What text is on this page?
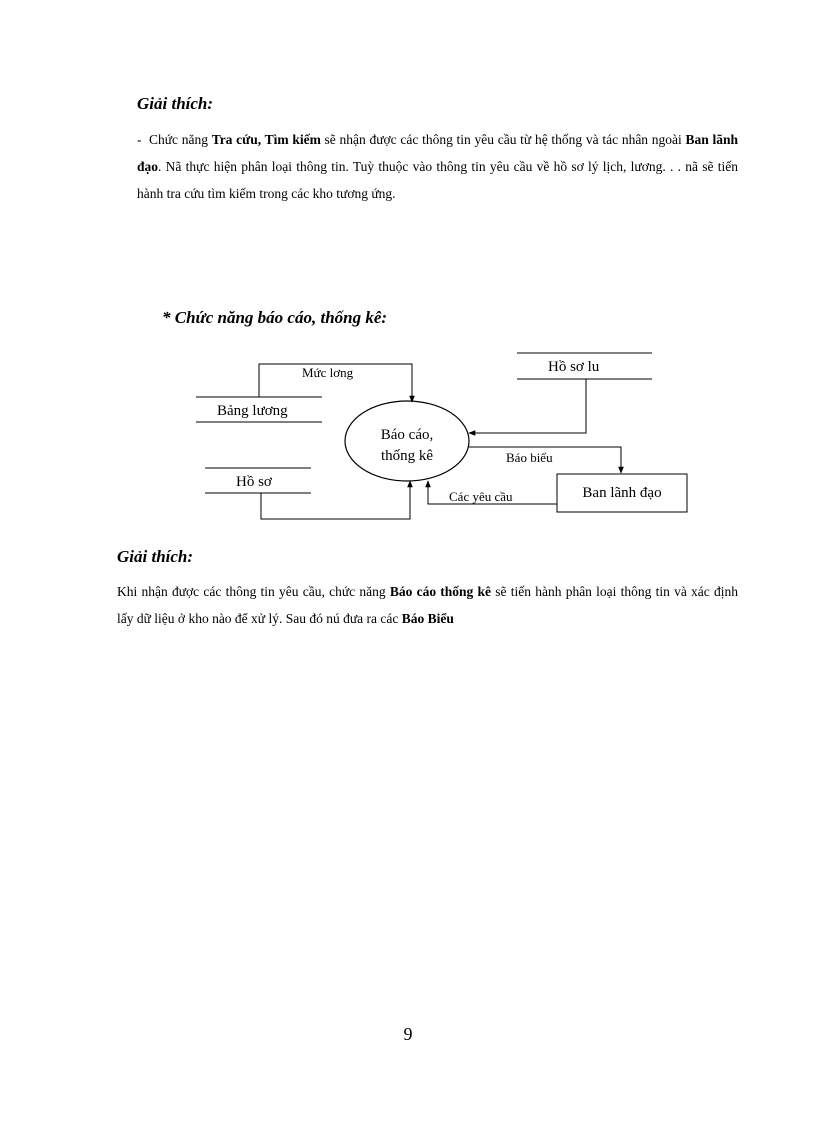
Giải thích:

- Chức năng Tra cứu, Tìm kiếm sẽ nhận được các thông tin yêu cầu từ hệ thống và tác nhân ngoài Ban lãnh đạo. Nã thực hiện phân loại thông tin. Tuỳ thuộc vào thông tin yêu cầu về hồ sơ lý lịch, lương. . . nã sẽ tiến hành tra cứu tìm kiếm trong các kho tương ứng.

* Chức năng báo cáo, thống kê:
Báo cáo,
thống kê
Bảng lương
Mức lơng	Hồ sơ lu
Báo biểu
Ban lãnh đạo
Các yêu cầu
Hồ sơ
Giải thích:

Khi nhận được các thông tin yêu cầu, chức năng Báo cáo thống kê sẽ tiến hành phân loại thông tin và xác định lấy dữ liệu ở kho nào để xử lý. Sau đó nú đưa ra các Báo Biểu

9
